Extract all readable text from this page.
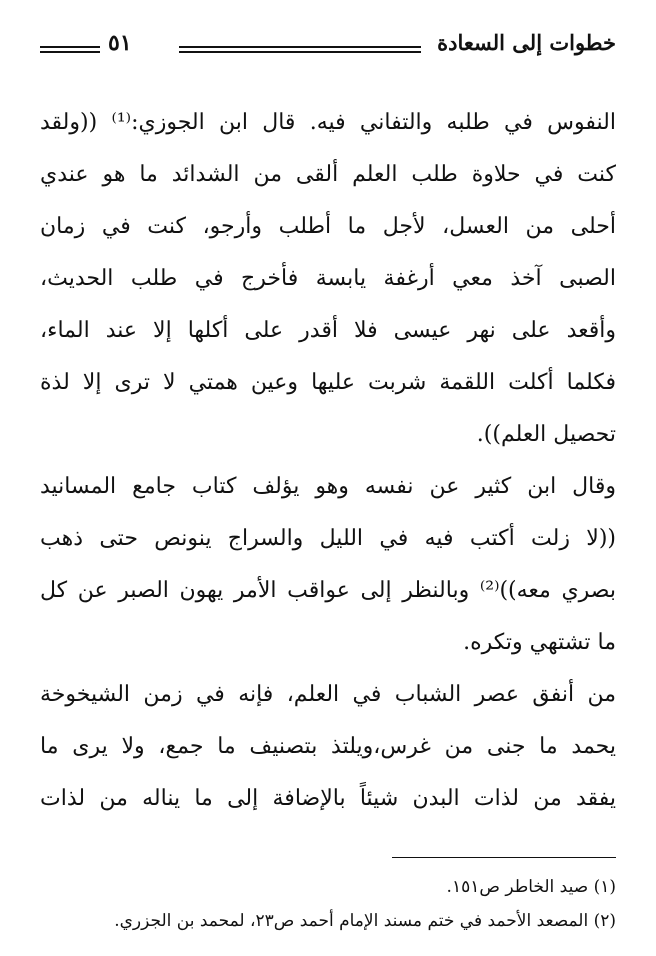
خطوات إلى السعادة
٥١
النفوس في طلبه والتفاني فيه. قال ابن الجوزي:⁽¹⁾ ((ولقد
كنت في حلاوة طلب العلم ألقى من الشدائد ما هو عندي
أحلى من العسل، لأجل ما أطلب وأرجو، كنت في زمان
الصبى آخذ معي أرغفة يابسة فأخرج في طلب الحديث،
وأقعد على نهر عيسى فلا أقدر على أكلها إلا عند الماء،
فكلما أكلت اللقمة شربت عليها وعين همتي لا ترى إلا لذة
تحصيل العلم)).
وقال ابن كثير عن نفسه وهو يؤلف كتاب جامع المسانيد
((لا زلت أكتب فيه في الليل والسراج ينونص حتى ذهب
بصري معه))⁽²⁾ وبالنظر إلى عواقب الأمر يهون الصبر عن كل
ما تشتهي وتكره.
من أنفق عصر الشباب في العلم، فإنه في زمن الشيخوخة
يحمد ما جنى من غرس،ويلتذ بتصنيف ما جمع، ولا يرى ما
يفقد من لذات البدن شيئاً بالإضافة إلى ما يناله من لذات
(١) صيد الخاطر ص١٥١.
(٢) المصعد الأحمد في ختم مسند الإمام أحمد ص٢٣، لمحمد بن الجزري.
